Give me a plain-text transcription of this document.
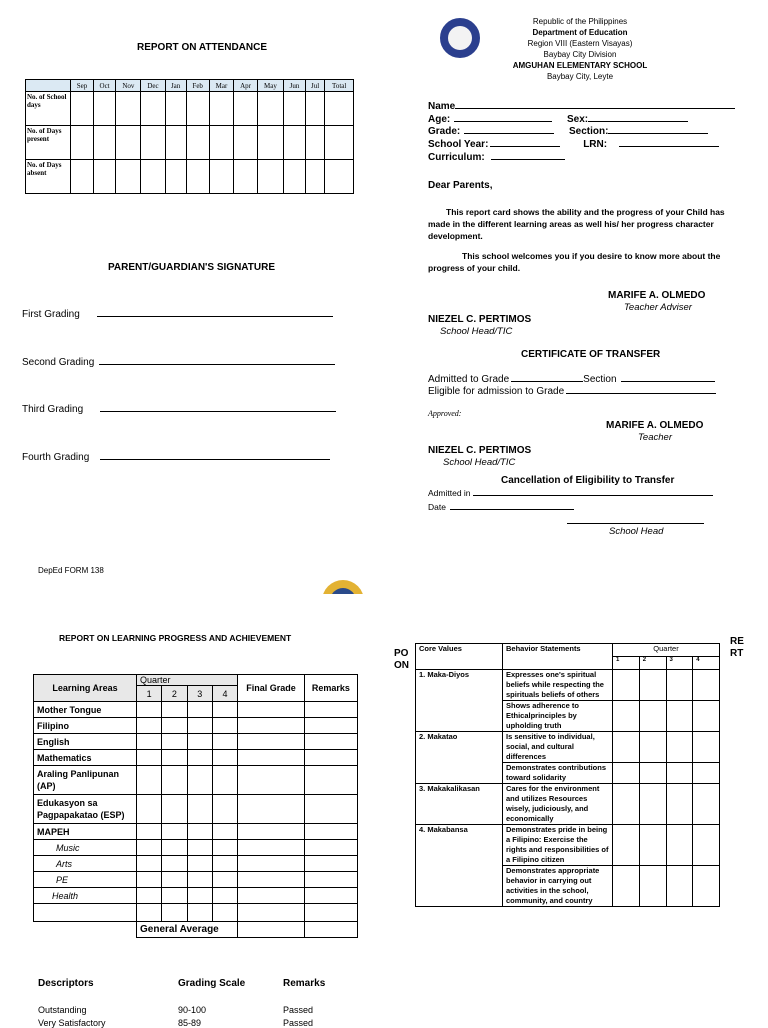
REPORT ON ATTENDANCE
	Sep	Oct	Nov	Dec	Jan	Feb	Mar	Apr	May	Jun	Jul	Total
No. of School days												
No. of Days present												
No. of Days absent												
PARENT/GUARDIAN'S SIGNATURE
First Grading
Second Grading
Third Grading
Fourth Grading
DepEd FORM 138
Republic of the Philippines
Department of Education
Region VIII (Eastern Visayas)
Baybay City Division
AMGUHAN ELEMENTARY SCHOOL
Baybay City, Leyte
Name
Age:	Sex:
Grade:	Section:
School Year:	LRN:
Curriculum:
Dear Parents,
This report card shows the ability and the progress of your Child has made in the different learning areas as well his/ her progress character development.
This school welcomes you if you desire to know more about the progress of your child.
MARIFE A. OLMEDO
Teacher Adviser
NIEZEL C. PERTIMOS
School Head/TIC
CERTIFICATE OF TRANSFER
Admitted to Grade	Section
Eligible for admission to Grade
Approved:
MARIFE A. OLMEDO
Teacher
NIEZEL C. PERTIMOS
School Head/TIC
Cancellation of Eligibility to Transfer
Admitted in
Date
School Head
REPORT ON LEARNING PROGRESS AND ACHIEVEMENT
Learning Areas	Quarter				Final Grade	Remarks
	1	2	3	4		
Mother Tongue						
Filipino						
English						
Mathematics						
Araling Panlipunan (AP)						
Edukasyon sa Pagpapakatao (ESP)						
MAPEH						
Music						
Arts						
PE						
Health						

	General Average					
Descriptors	Grading Scale	Remarks
Outstanding	90-100	Passed
Very Satisfactory	85-89	Passed
PO
ON
RE
RT
Core Values	Behavior Statements	Quarter			
		1	2	3	4
1. Maka-Diyos	Expresses one's spiritual beliefs while respecting the spirituals beliefs of others				
	Shows adherence to Ethicalprinciples by upholding truth				
2. Makatao	Is sensitive to individual, social, and cultural differences				
	Demonstrates contributions toward solidarity				
3. Makakalikasan	Cares for the environment and utilizes Resources wisely, judiciously, and economically				
4. Makabansa	Demonstrates pride in being a Filipino: Exercise the rights and responsibilities of a Filipino citizen				
	Demonstrates appropriate behavior in carrying out activities in the school, community, and country				
